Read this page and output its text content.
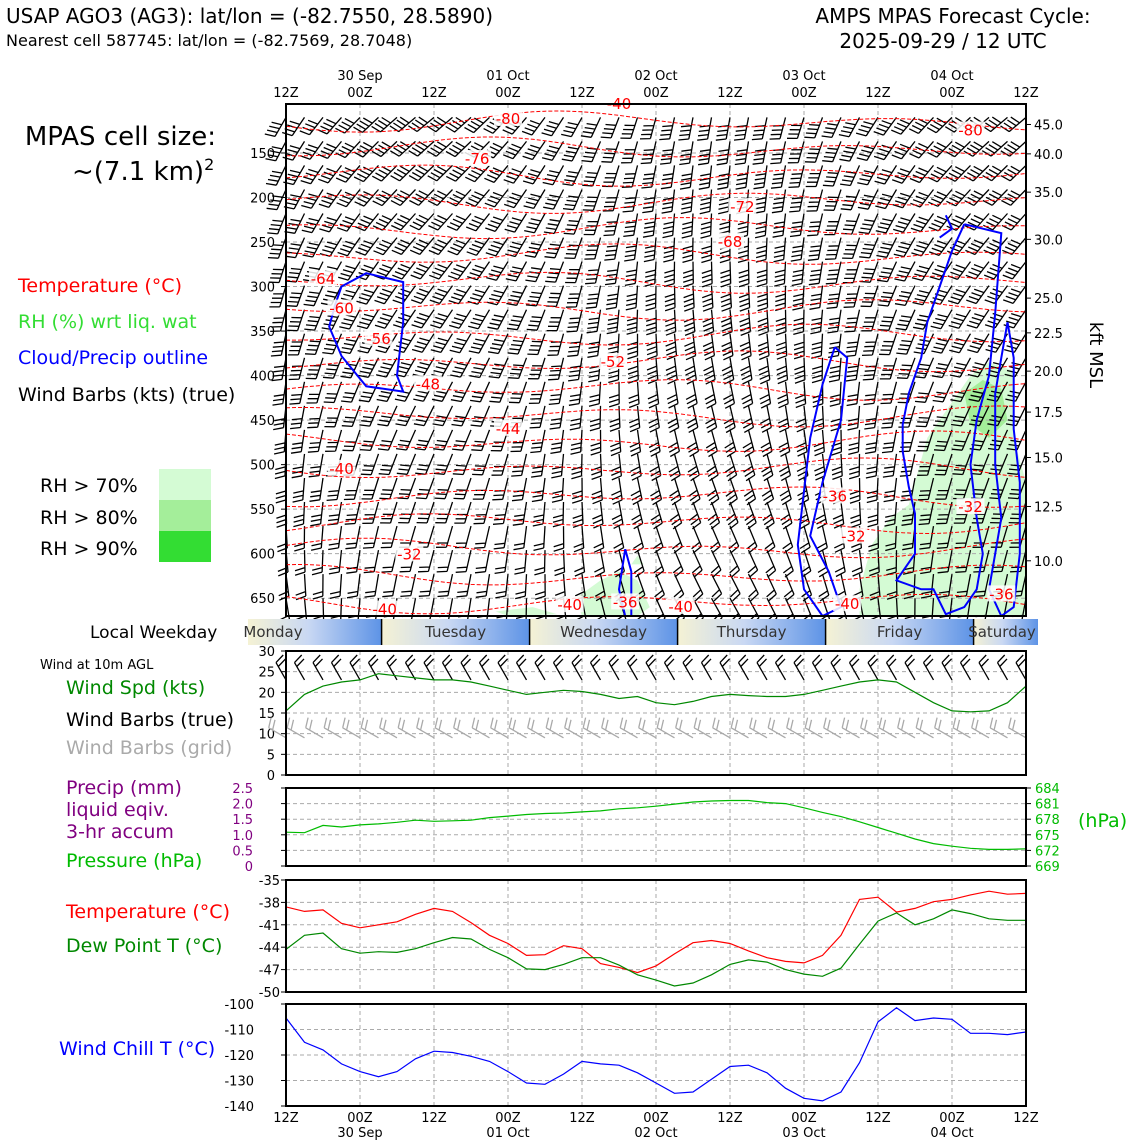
USAP AGO3 (AG3): lat/lon = (-82.7550, 28.5890)
Nearest cell 587745: lat/lon = (-82.7569, 28.7048)
AMPS MPAS Forecast Cycle:
2025-09-29 / 12 UTC
MPAS cell size:
~(7.1 km)$^2$
Temperature (°C)
RH (%) wrt liq. wat
Cloud/Precip outline
Wind Barbs (kts) (true)
RH > 70%
RH > 80%
RH > 90%
-80
-80
-40
-76
-72
-68
-64
-60
-56
-52
-48
-44
-40
-36
-32
-32
-32
-36
-40	-40	-40	-40
-36
150
200
250
300
350
400
450
500
550
600
650
45.0
40.0
35.0
30.0
25.0
22.5
20.0
17.5
15.0
12.5
10.0
Monday	Tuesday	Wednesday	Thursday	Friday	Saturday
0
5
10
15
20
25
30
2.5
2.0
1.5
1.0
0.5
0
684
681
678
675
672
669
-35
-38
-41
-44
-47
-50
-100
-110
-120
-130
-140
12Z
12Z
00Z
00Z
12Z
12Z
00Z
00Z
12Z
12Z
00Z
00Z
12Z
12Z
00Z
00Z
12Z
12Z
00Z
00Z
12Z
12Z
30 Sep
30 Sep
01 Oct
01 Oct
02 Oct
02 Oct
03 Oct
03 Oct
04 Oct
04 Oct
Local Weekday
Wind at 10m AGL
Wind Spd (kts)
Wind Barbs (true)
Wind Barbs (grid)
Precip (mm)
liquid eqiv.
3-hr accum
Pressure (hPa)
(hPa)
Temperature (°C)
Dew Point T (°C)
Wind Chill T (°C)
kft MSL
